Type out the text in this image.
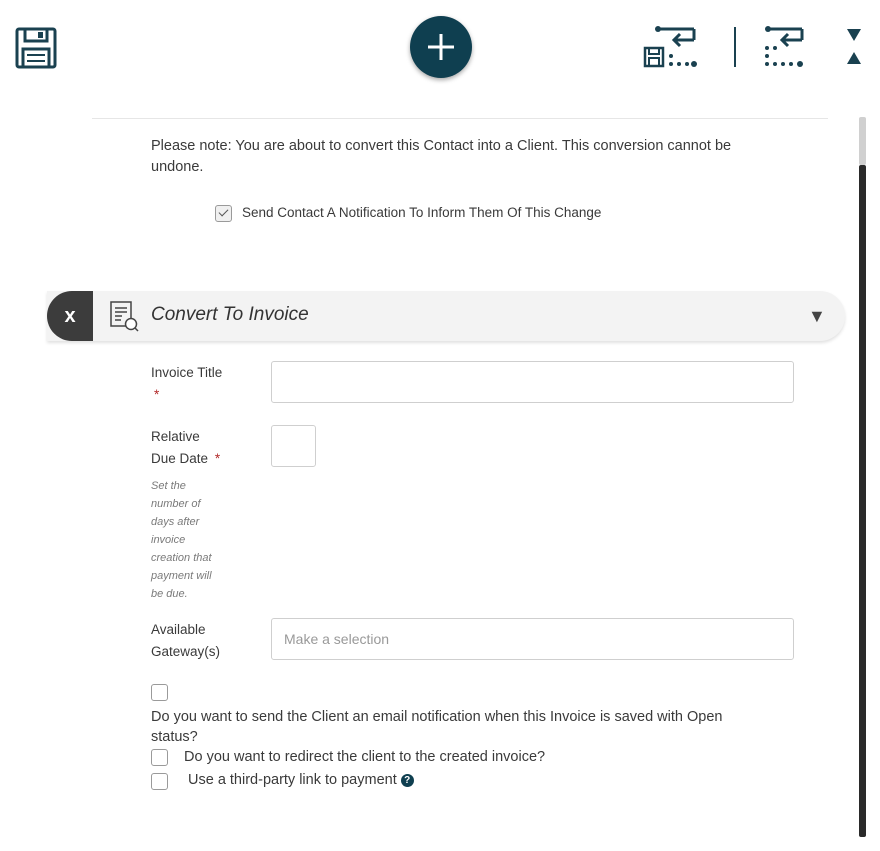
Please note: You are about to convert this Contact into a Client. This conversion cannot be undone.
Send Contact A Notification To Inform Them Of This Change
x	Convert To Invoice	▼
Invoice Title
*
Relative
Due Date *
Set the number of days after invoice creation that payment will be due.
Available
Gateway(s)
Make a selection
Do you want to send the Client an email notification when this Invoice is saved with Open status?
Do you want to redirect the client to the created invoice?
Use a third-party link to payment ?
